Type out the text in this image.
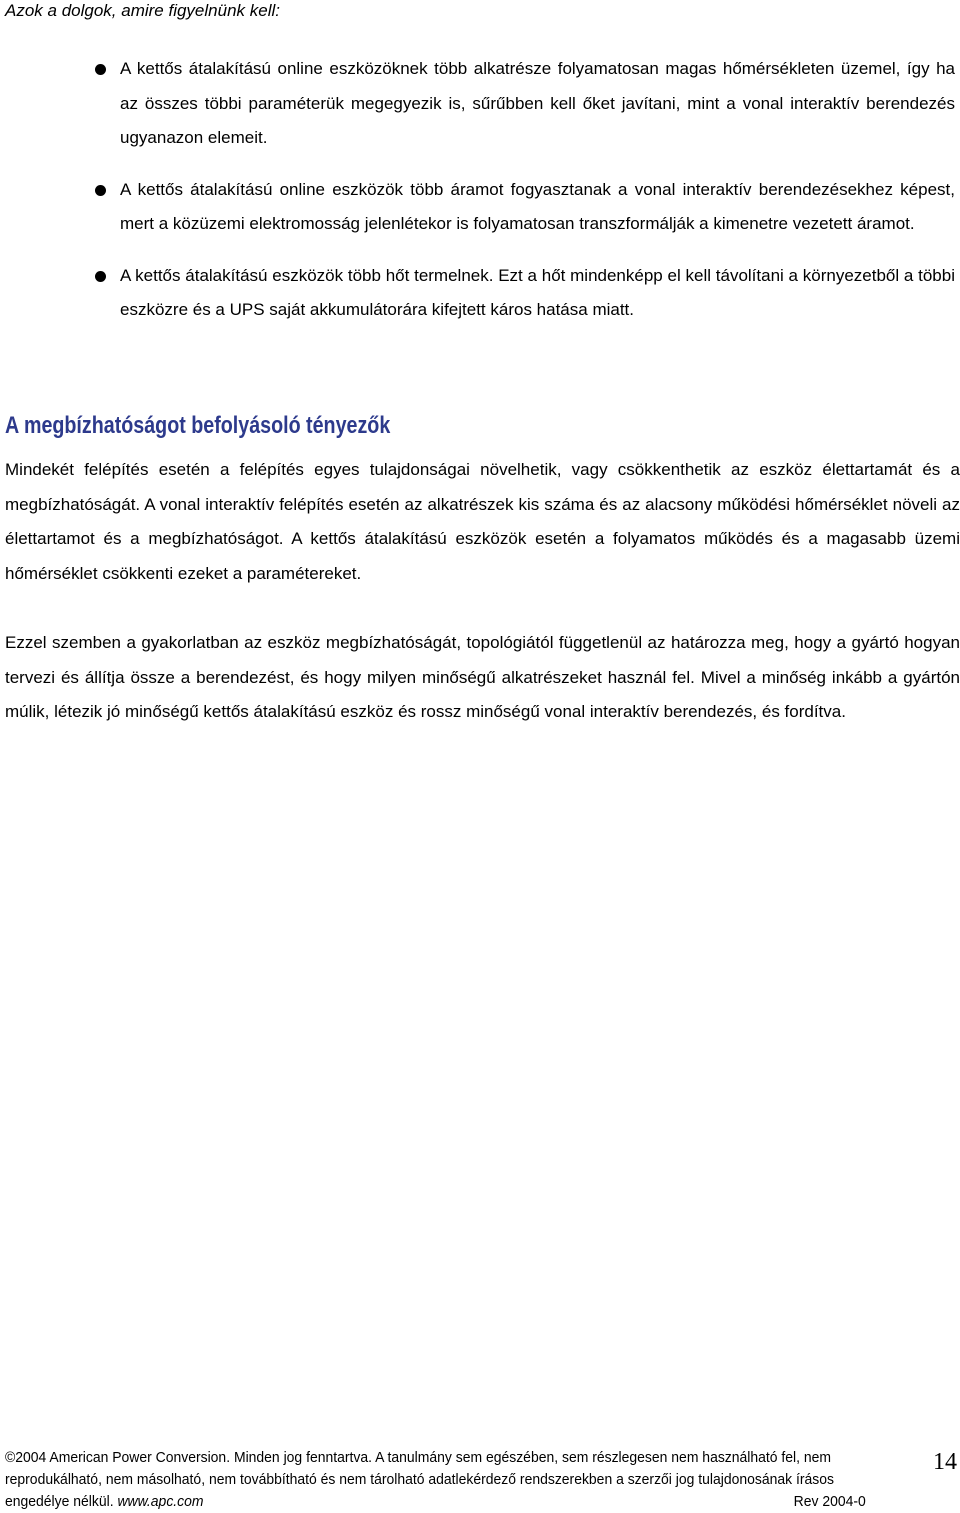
Azok a dolgok, amire figyelnünk kell:
A kettős átalakítású online eszközöknek több alkatrésze folyamatosan magas hőmérsékleten üzemel, így ha az összes többi paraméterük megegyezik is, sűrűbben kell őket javítani, mint a vonal interaktív berendezés ugyanazon elemeit.
A kettős átalakítású online eszközök több áramot fogyasztanak a vonal interaktív berendezésekhez képest, mert a közüzemi elektromosság jelenlétekor is folyamatosan transzformálják a kimenetre vezetett áramot.
A kettős átalakítású eszközök több hőt termelnek. Ezt a hőt mindenképp el kell távolítani a környezetből a többi eszközre és a UPS saját akkumulátorára kifejtett káros hatása miatt.
A megbízhatóságot befolyásoló tényezők

Mindekét felépítés esetén a felépítés egyes tulajdonságai növelhetik, vagy csökkenthetik az eszköz élettartamát és a megbízhatóságát. A vonal interaktív felépítés esetén az alkatrészek kis száma és az alacsony működési hőmérséklet növeli az élettartamot és a megbízhatóságot. A kettős átalakítású eszközök esetén a folyamatos működés és a magasabb üzemi hőmérséklet csökkenti ezeket a paramétereket.

Ezzel szemben a gyakorlatban az eszköz megbízhatóságát, topológiától függetlenül az határozza meg, hogy a gyártó hogyan tervezi és állítja össze a berendezést, és hogy milyen minőségű alkatrészeket használ fel. Mivel a minőség inkább a gyártón múlik, létezik jó minőségű kettős átalakítású eszköz és rossz minőségű vonal interaktív berendezés, és fordítva.

©2004 American Power Conversion. Minden jog fenntartva. A tanulmány sem egészében, sem részlegesen nem használható fel, nem
reprodukálható, nem másolható, nem továbbítható és nem tárolható adatlekérdező rendszerekben a szerzői jog tulajdonosának írásos
engedélye nélkül. www.apc.com	Rev 2004-0
14
